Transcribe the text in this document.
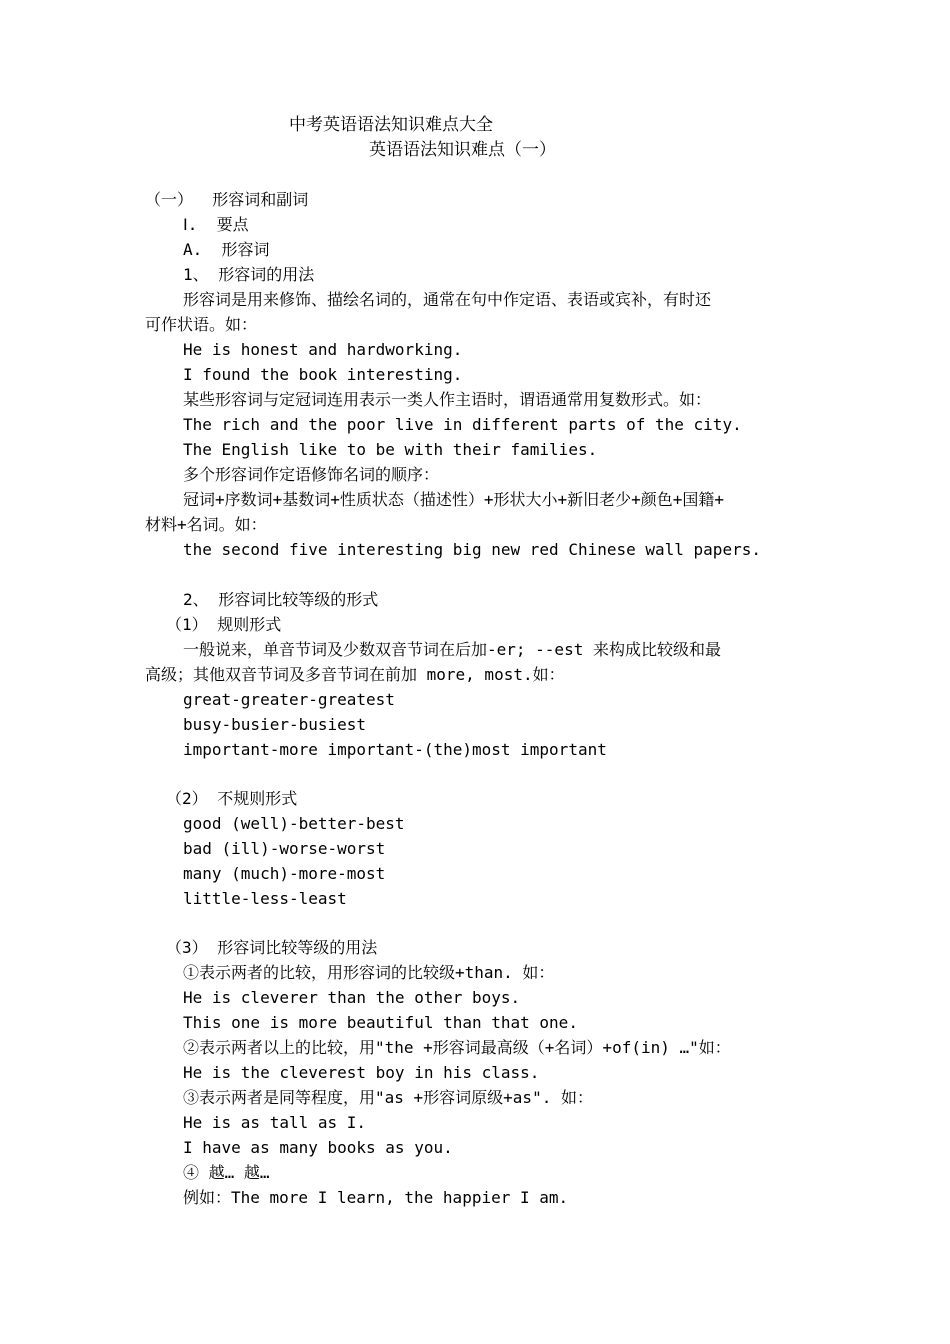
中考英语语法知识难点大全
英语语法知识难点（一）
（一）  形容词和副词
Ⅰ.  要点
A.  形容词
1、 形容词的用法
形容词是用来修饰、描绘名词的，通常在句中作定语、表语或宾补，有时还
可作状语。如：
He is honest and hardworking.
I found the book interesting.
某些形容词与定冠词连用表示一类人作主语时，谓语通常用复数形式。如：
The rich and the poor live in different parts of the city.
The English like to be with their families.
多个形容词作定语修饰名词的顺序：
冠词+序数词+基数词+性质状态（描述性）+形状大小+新旧老少+颜色+国籍+
材料+名词。如：
the second five interesting big new red Chinese wall papers.
2、 形容词比较等级的形式
（1） 规则形式
一般说来，单音节词及少数双音节词在后加-er; --est 来构成比较级和最
高级；其他双音节词及多音节词在前加 more, most.如：
great-greater-greatest
busy-busier-busiest
important-more important-(the)most important
（2） 不规则形式
good (well)-better-best
bad (ill)-worse-worst
many (much)-more-most
little-less-least
（3） 形容词比较等级的用法
①表示两者的比较，用形容词的比较级+than. 如：
He is cleverer than the other boys.
This one is more beautiful than that one.
②表示两者以上的比较，用"the +形容词最高级（+名词）+of(in) …"如：
He is the cleverest boy in his class.
③表示两者是同等程度，用"as +形容词原级+as". 如：
He is as tall as I.
I have as many books as you.
④ 越… 越…
例如：The more I learn, the happier I am.
